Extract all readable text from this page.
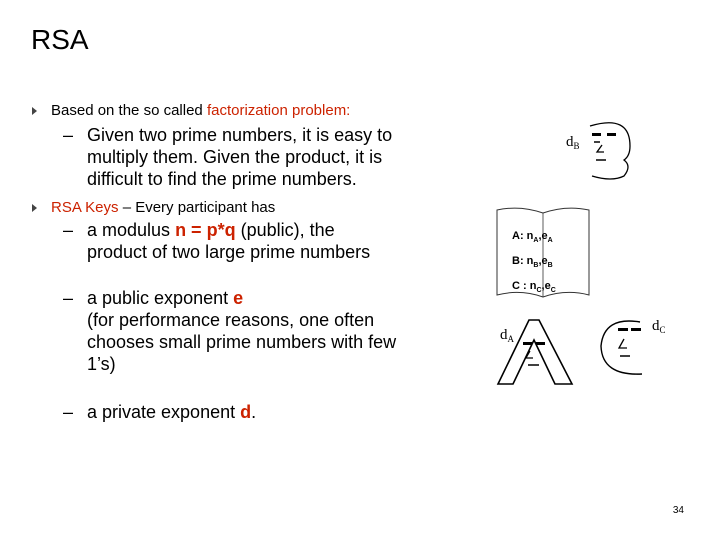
RSA
Based on the so called factorization problem:
– Given two prime numbers, it is easy to
multiply them. Given the product, it is
difficult to find the prime numbers.
RSA Keys – Every participant has
– a modulus n = p*q (public), the
product of two large prime numbers
– a public exponent e
(for performance reasons, one often
chooses small prime numbers with few
1’s)
– a private exponent d.
$d_B$
$d_A$
$d_C$
A: $n_A,e_A$
B: $n_B,e_B$
C : $n_C,e_C$
34
